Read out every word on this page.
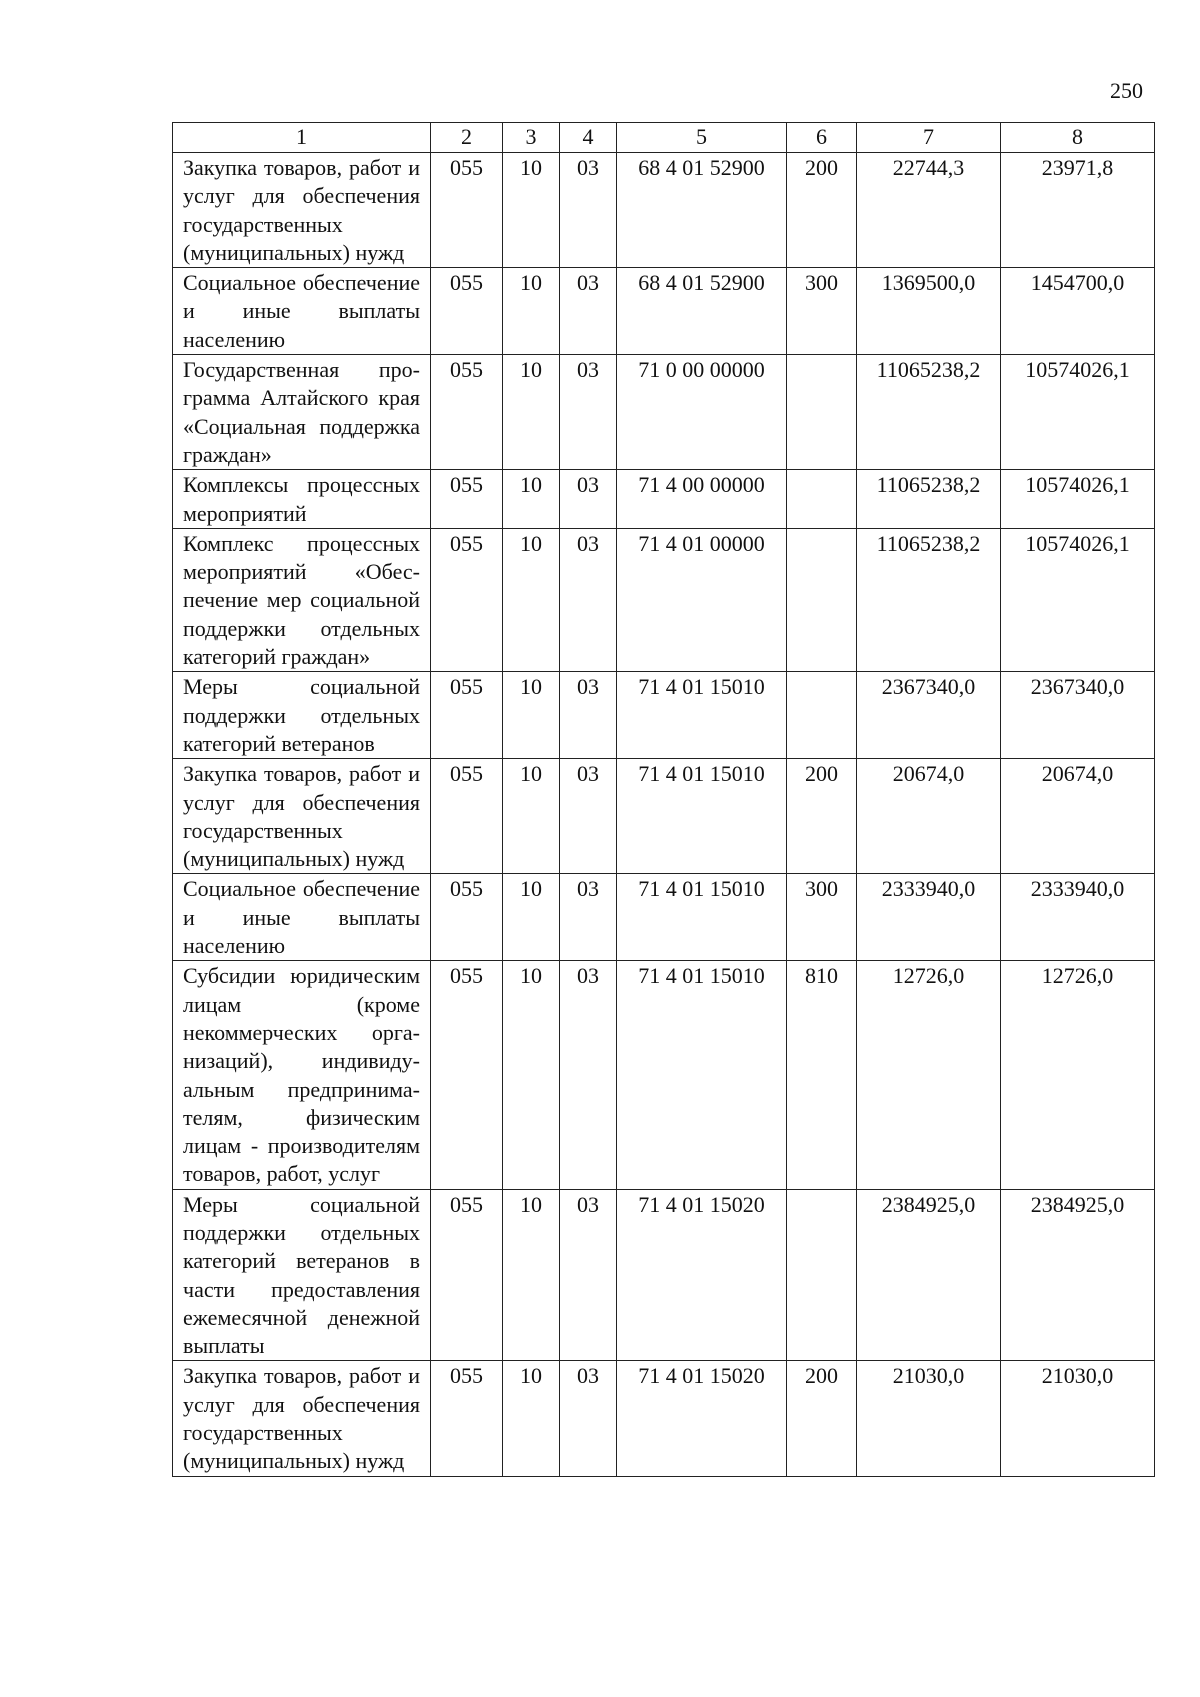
250
1	2	3	4	5	6	7	8
Закупка товаров, работ и услуг для обеспечения государственных (муниципальных) нужд	055	10	03	68 4 01 52900	200	22744,3	23971,8
Социальное обеспечение и иные выплаты населению	055	10	03	68 4 01 52900	300	1369500,0	1454700,0
Государственная программа Алтайского края «Социальная поддержка граждан»	055	10	03	71 0 00 00000		11065238,2	10574026,1
Комплексы процессных мероприятий	055	10	03	71 4 00 00000		11065238,2	10574026,1
Комплекс процессных мероприятий «Обеспечение мер социальной поддержки отдельных категорий граждан»	055	10	03	71 4 01 00000		11065238,2	10574026,1
Меры социальной поддержки отдельных категорий ветеранов	055	10	03	71 4 01 15010		2367340,0	2367340,0
Закупка товаров, работ и услуг для обеспечения государственных (муниципальных) нужд	055	10	03	71 4 01 15010	200	20674,0	20674,0
Социальное обеспечение и иные выплаты населению	055	10	03	71 4 01 15010	300	2333940,0	2333940,0
Субсидии юридическим лицам (кроме некоммерческих организаций), индивидуальным предпринимателям, физическим лицам - производителям товаров, работ, услуг	055	10	03	71 4 01 15010	810	12726,0	12726,0
Меры социальной поддержки отдельных категорий ветеранов в части предоставления ежемесячной денежной выплаты	055	10	03	71 4 01 15020		2384925,0	2384925,0
Закупка товаров, работ и услуг для обеспечения государственных (муниципальных) нужд	055	10	03	71 4 01 15020	200	21030,0	21030,0
